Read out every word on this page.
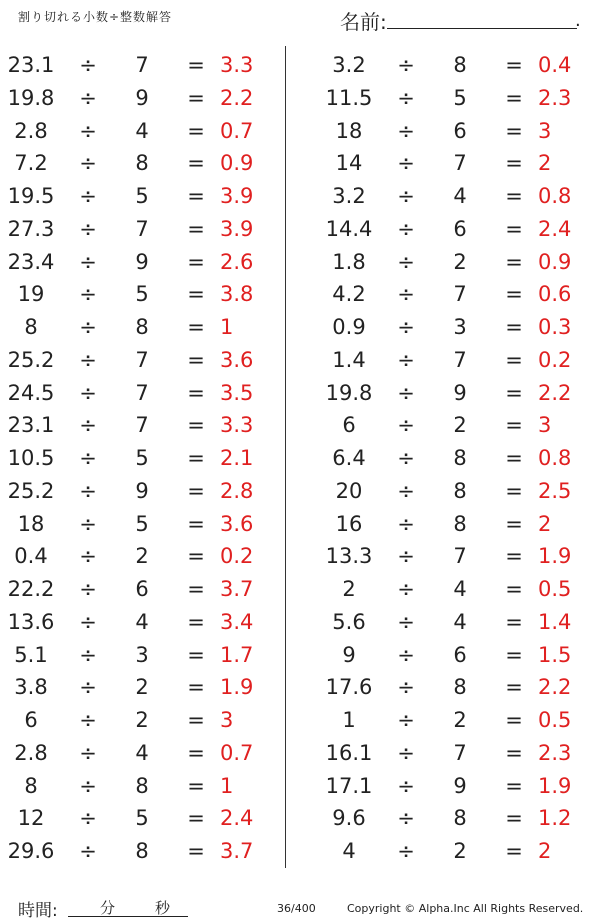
割り切れる小数÷整数解答	名前:	.
23.1	÷	7	= 3.3
19.8	÷	9	= 2.2
2.8	÷	4	= 0.7
7.2	÷	8	= 0.9
19.5	÷	5	= 3.9
27.3	÷	7	= 3.9
23.4	÷	9	= 2.6
19	÷	5	= 3.8
8	÷	8	= 1
25.2	÷	7	= 3.6
24.5	÷	7	= 3.5
23.1	÷	7	= 3.3
10.5	÷	5	= 2.1
25.2	÷	9	= 2.8
18	÷	5	= 3.6
0.4	÷	2	= 0.2
22.2	÷	6	= 3.7
13.6	÷	4	= 3.4
5.1	÷	3	= 1.7
3.8	÷	2	= 1.9
6	÷	2	= 3
2.8	÷	4	= 0.7
8	÷	8	= 1
12	÷	5	= 2.4
29.6	÷	8	= 3.7
3.2	÷	8	= 0.4
11.5	÷	5	= 2.3
18	÷	6	= 3
14	÷	7	= 2
3.2	÷	4	= 0.8
14.4	÷	6	= 2.4
1.8	÷	2	= 0.9
4.2	÷	7	= 0.6
0.9	÷	3	= 0.3
1.4	÷	7	= 0.2
19.8	÷	9	= 2.2
6	÷	2	= 3
6.4	÷	8	= 0.8
20	÷	8	= 2.5
16	÷	8	= 2
13.3	÷	7	= 1.9
2	÷	4	= 0.5
5.6	÷	4	= 1.4
9	÷	6	= 1.5
17.6	÷	8	= 2.2
1	÷	2	= 0.5
16.1	÷	7	= 2.3
17.1	÷	9	= 1.9
9.6	÷	8	= 1.2
4	÷	2	= 2
時間:	分	秒	36/400	Copyright © Alpha.Inc All Rights Reserved.
